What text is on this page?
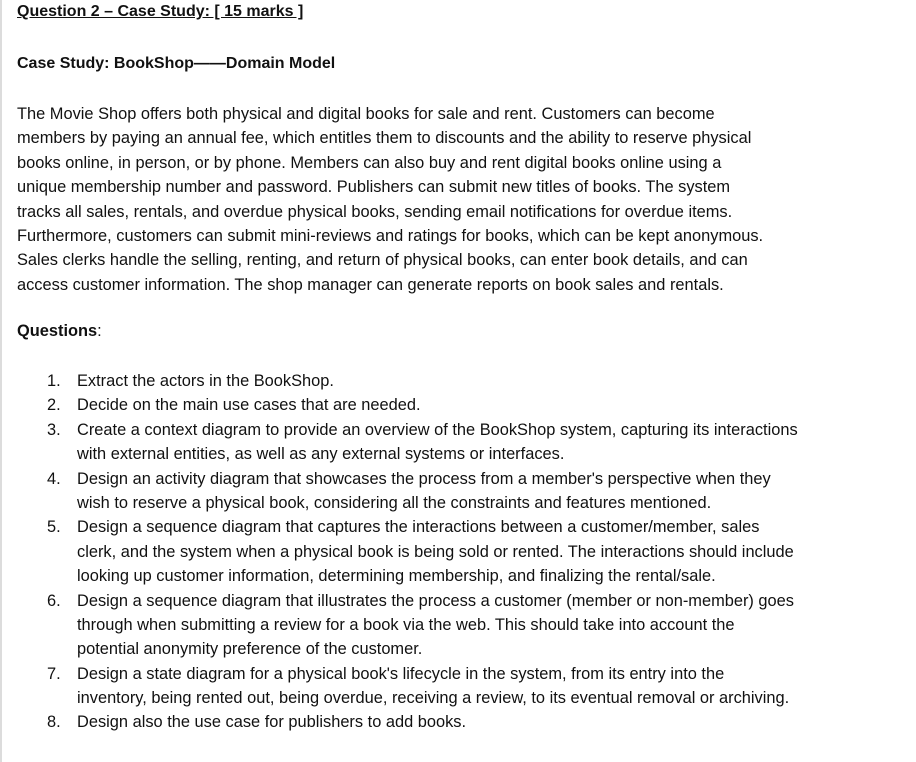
Question 2 – Case Study: [ 15 marks ]
Case Study: BookShop——Domain Model
The Movie Shop offers both physical and digital books for sale and rent. Customers can become
members by paying an annual fee, which entitles them to discounts and the ability to reserve physical
books online, in person, or by phone. Members can also buy and rent digital books online using a
unique membership number and password. Publishers can submit new titles of books. The system
tracks all sales, rentals, and overdue physical books, sending email notifications for overdue items.
Furthermore, customers can submit mini-reviews and ratings for books, which can be kept anonymous.
Sales clerks handle the selling, renting, and return of physical books, can enter book details, and can
access customer information. The shop manager can generate reports on book sales and rentals.
Questions:
1. Extract the actors in the BookShop.
2. Decide on the main use cases that are needed.
3. Create a context diagram to provide an overview of the BookShop system, capturing its interactions
with external entities, as well as any external systems or interfaces.
4. Design an activity diagram that showcases the process from a member's perspective when they
wish to reserve a physical book, considering all the constraints and features mentioned.
5. Design a sequence diagram that captures the interactions between a customer/member, sales
clerk, and the system when a physical book is being sold or rented. The interactions should include
looking up customer information, determining membership, and finalizing the rental/sale.
6. Design a sequence diagram that illustrates the process a customer (member or non-member) goes
through when submitting a review for a book via the web. This should take into account the
potential anonymity preference of the customer.
7. Design a state diagram for a physical book's lifecycle in the system, from its entry into the
inventory, being rented out, being overdue, receiving a review, to its eventual removal or archiving.
8. Design also the use case for publishers to add books.
